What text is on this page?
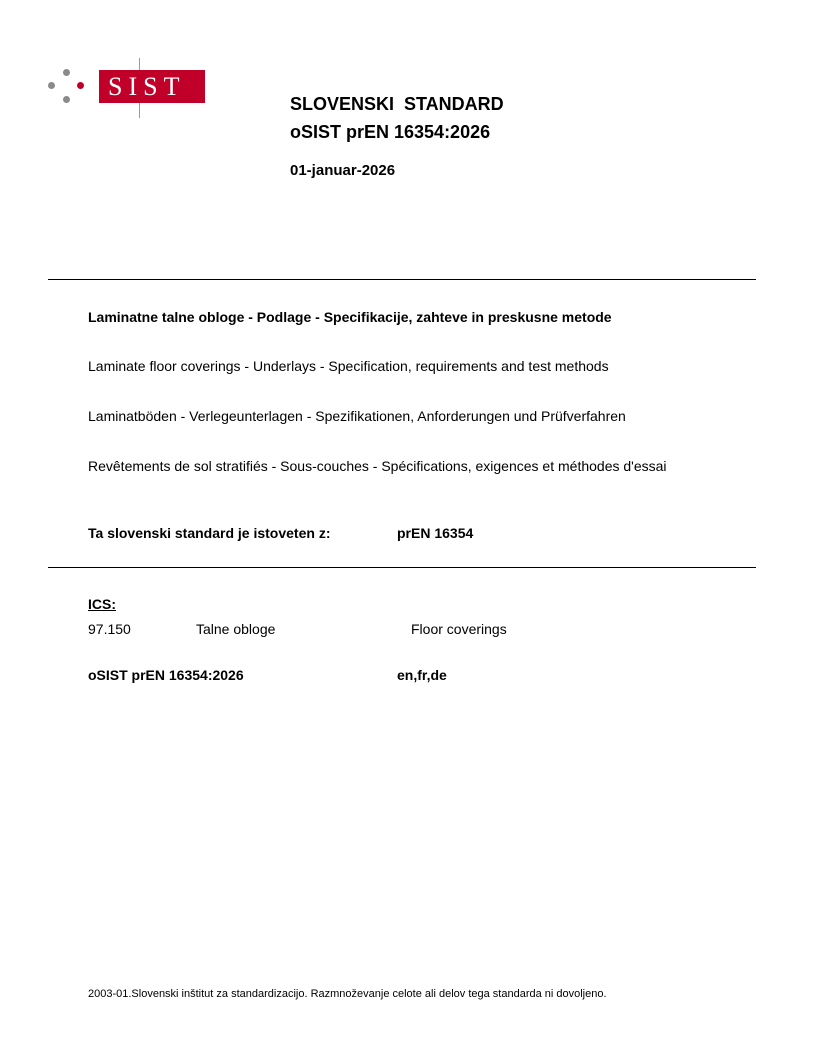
SIST
SLOVENSKI  STANDARD
oSIST prEN 16354:2026
01-januar-2026
Laminatne talne obloge - Podlage - Specifikacije, zahteve in preskusne metode
Laminate floor coverings - Underlays - Specification, requirements and test methods
Laminatböden - Verlegeunterlagen - Spezifikationen, Anforderungen und Prüfverfahren
Revêtements de sol stratifiés - Sous-couches - Spécifications, exigences et méthodes d'essai
Ta slovenski standard je istoveten z:	prEN 16354
ICS:
97.150	Talne obloge	Floor coverings
oSIST prEN 16354:2026	en,fr,de
2003-01.Slovenski inštitut za standardizacijo. Razmnoževanje celote ali delov tega standarda ni dovoljeno.
